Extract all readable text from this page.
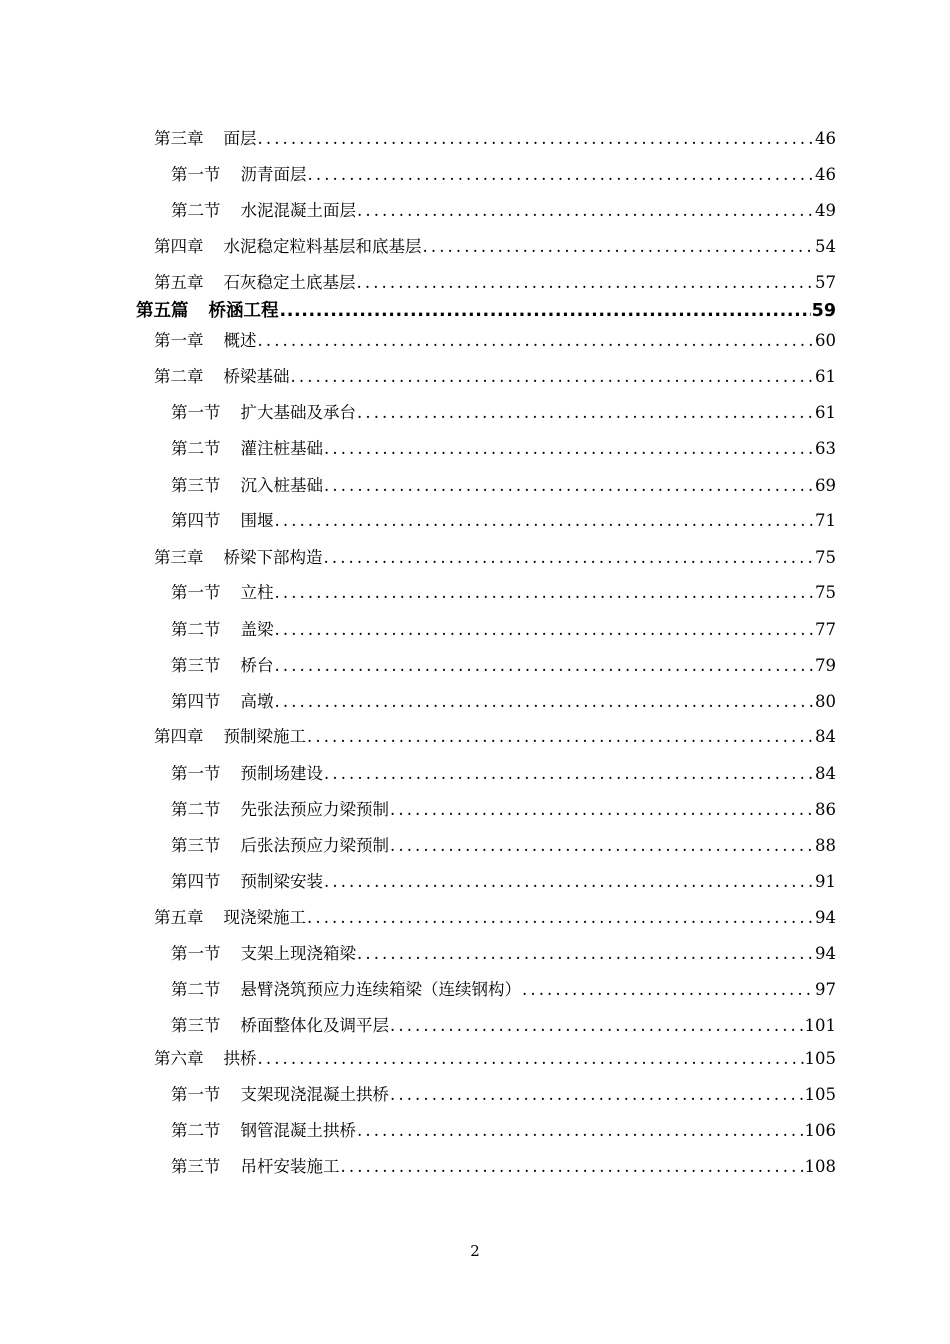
第三章 面层 .....	46
第一节 沥青面层 .....	46
第二节 水泥混凝土面层 .....	49
第四章 水泥稳定粒料基层和底基层 .....	54
第五章 石灰稳定土底基层 .....	57
第五篇 桥涵工程 .....	59
第一章 概述 .....	60
第二章 桥梁基础 .....	61
第一节 扩大基础及承台 .....	61
第二节 灌注桩基础 .....	63
第三节 沉入桩基础 .....	69
第四节 围堰 .....	71
第三章 桥梁下部构造 .....	75
第一节 立柱 .....	75
第二节 盖梁 .....	77
第三节 桥台 .....	79
第四节 高墩 .....	80
第四章 预制梁施工 .....	84
第一节 预制场建设 .....	84
第二节 先张法预应力梁预制 .....	86
第三节 后张法预应力梁预制 .....	88
第四节 预制梁安装 .....	91
第五章 现浇梁施工 .....	94
第一节 支架上现浇箱梁 .....	94
第二节 悬臂浇筑预应力连续箱梁（连续钢构） .....	97
第三节 桥面整体化及调平层 .....	101
第六章 拱桥 .....	105
第一节 支架现浇混凝土拱桥 .....	105
第二节 钢管混凝土拱桥 .....	106
第三节 吊杆安装施工 .....	108
2
